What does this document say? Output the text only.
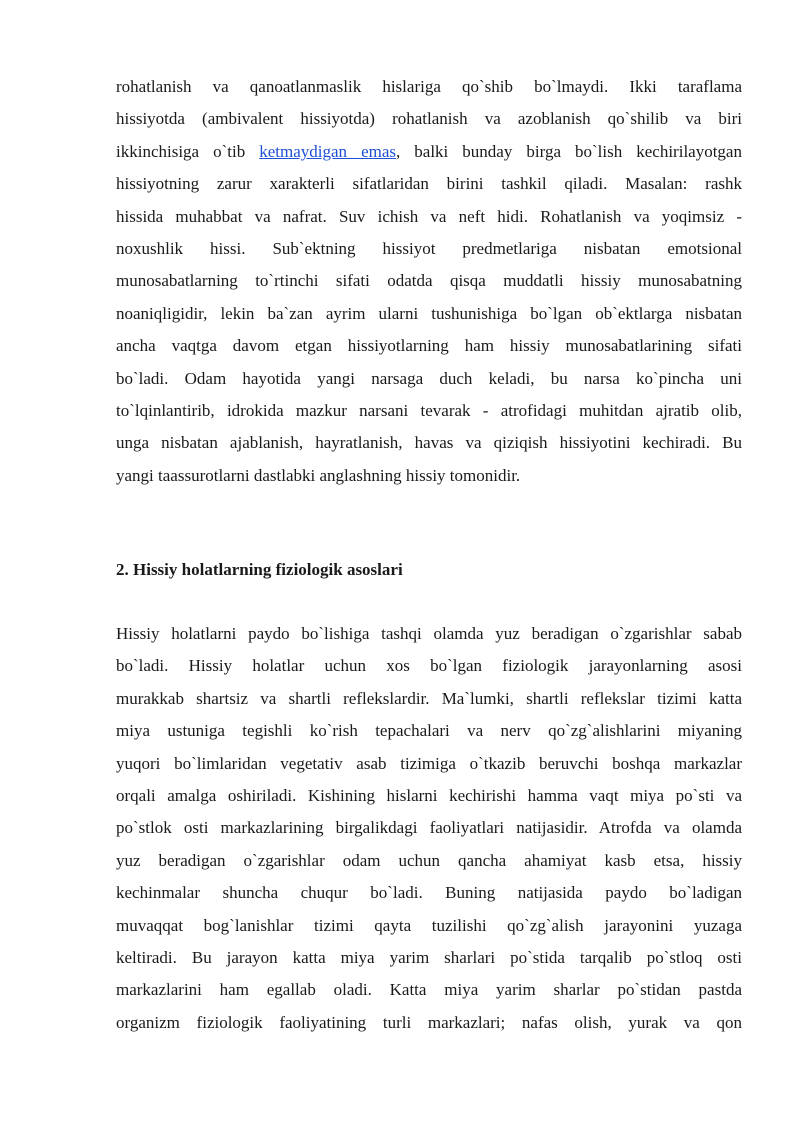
rohatlanish va qanoatlanmaslik hislariga qo`shib bo`lmaydi. Ikki taraflama
hissiyotda (ambivalent hissiyotda) rohatlanish va azoblanish qo`shilib va biri
ikkinchisiga o`tib ketmaydigan emas, balki bunday birga bo`lish kechirilayotgan
hissiyotning zarur xarakterli sifatlaridan birini tashkil qiladi. Masalan: rashk
hissida muhabbat va nafrat. Suv ichish va neft hidi. Rohatlanish va yoqimsiz -
noxushlik hissi. Sub`ektning hissiyot predmetlariga nisbatan emotsional
munosabatlarning to`rtinchi sifati odatda qisqa muddatli hissiy munosabatning
noaniqligidir, lekin ba`zan ayrim ularni tushunishiga bo`lgan ob`ektlarga nisbatan
ancha vaqtga davom etgan hissiyotlarning ham hissiy munosabatlarining sifati
bo`ladi. Odam hayotida yangi narsaga duch keladi, bu narsa ko`pincha uni
to`lqinlantirib, idrokida mazkur narsani tevarak - atrofidagi muhitdan ajratib olib,
unga nisbatan ajablanish, hayratlanish, havas va qiziqish hissiyotini kechiradi. Bu
yangi taassurotlarni dastlabki anglashning hissiy tomonidir.
2. Hissiy holatlarning fiziologik asoslari
Hissiy holatlarni paydo bo`lishiga tashqi olamda yuz beradigan o`zgarishlar sabab
bo`ladi. Hissiy holatlar uchun xos bo`lgan fiziologik jarayonlarning asosi
murakkab shartsiz va shartli reflekslardir. Ma`lumki, shartli reflekslar tizimi katta
miya ustuniga tegishli ko`rish tepachalari va nerv qo`zg`alishlarini miyaning
yuqori bo`limlaridan vegetativ asab tizimiga o`tkazib beruvchi boshqa markazlar
orqali amalga oshiriladi. Kishining hislarni kechirishi hamma vaqt miya po`sti va
po`stlok osti markazlarining birgalikdagi faoliyatlari natijasidir. Atrofda va olamda
yuz beradigan o`zgarishlar odam uchun qancha ahamiyat kasb etsa, hissiy
kechinmalar shuncha chuqur bo`ladi. Buning natijasida paydo bo`ladigan
muvaqqat bog`lanishlar tizimi qayta tuzilishi qo`zg`alish jarayonini yuzaga
keltiradi. Bu jarayon katta miya yarim sharlari po`stida tarqalib po`stloq osti
markazlarini ham egallab oladi. Katta miya yarim sharlar po`stidan pastda
organizm fiziologik faoliyatining turli markazlari; nafas olish, yurak va qon
